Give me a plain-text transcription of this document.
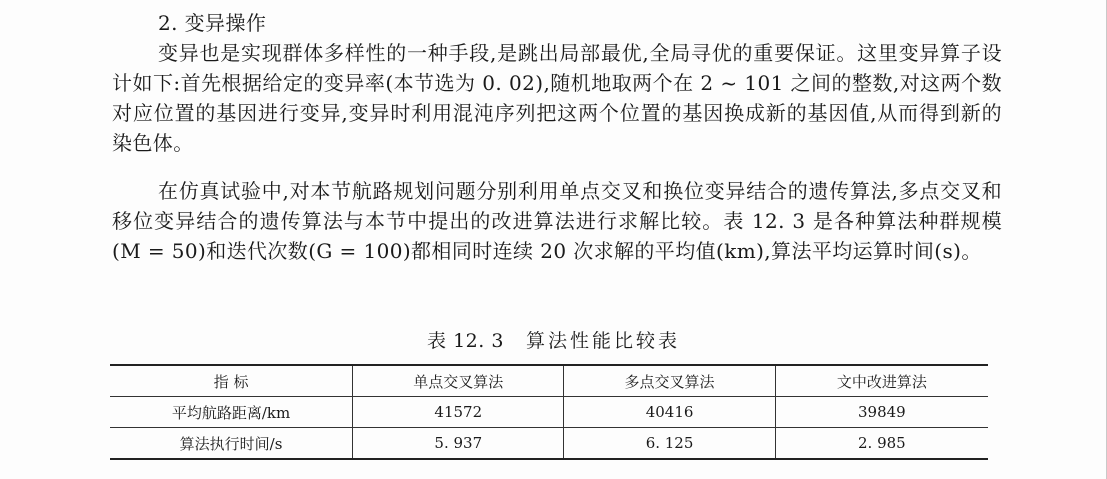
2. 变异操作

变异也是实现群体多样性的一种手段,是跳出局部最优,全局寻优的重要保证。这里变异算子设计如下:首先根据给定的变异率(本节选为 0. 02),随机地取两个在 2 ~ 101 之间的整数,对这两个数对应位置的基因进行变异,变异时利用混沌序列把这两个位置的基因换成新的基因值,从而得到新的染色体。

在仿真试验中,对本节航路规划问题分别利用单点交叉和换位变异结合的遗传算法,多点交叉和移位变异结合的遗传算法与本节中提出的改进算法进行求解比较。表 12. 3 是各种算法种群规模(M = 50)和迭代次数(G = 100)都相同时连续 20 次求解的平均值(km),算法平均运算时间(s)。

表 12. 3 算法性能比较表

指 标	单点交叉算法	多点交叉算法	文中改进算法
平均航路距离/km	41572	40416	39849
算法执行时间/s	5. 937	6. 125	2. 985
